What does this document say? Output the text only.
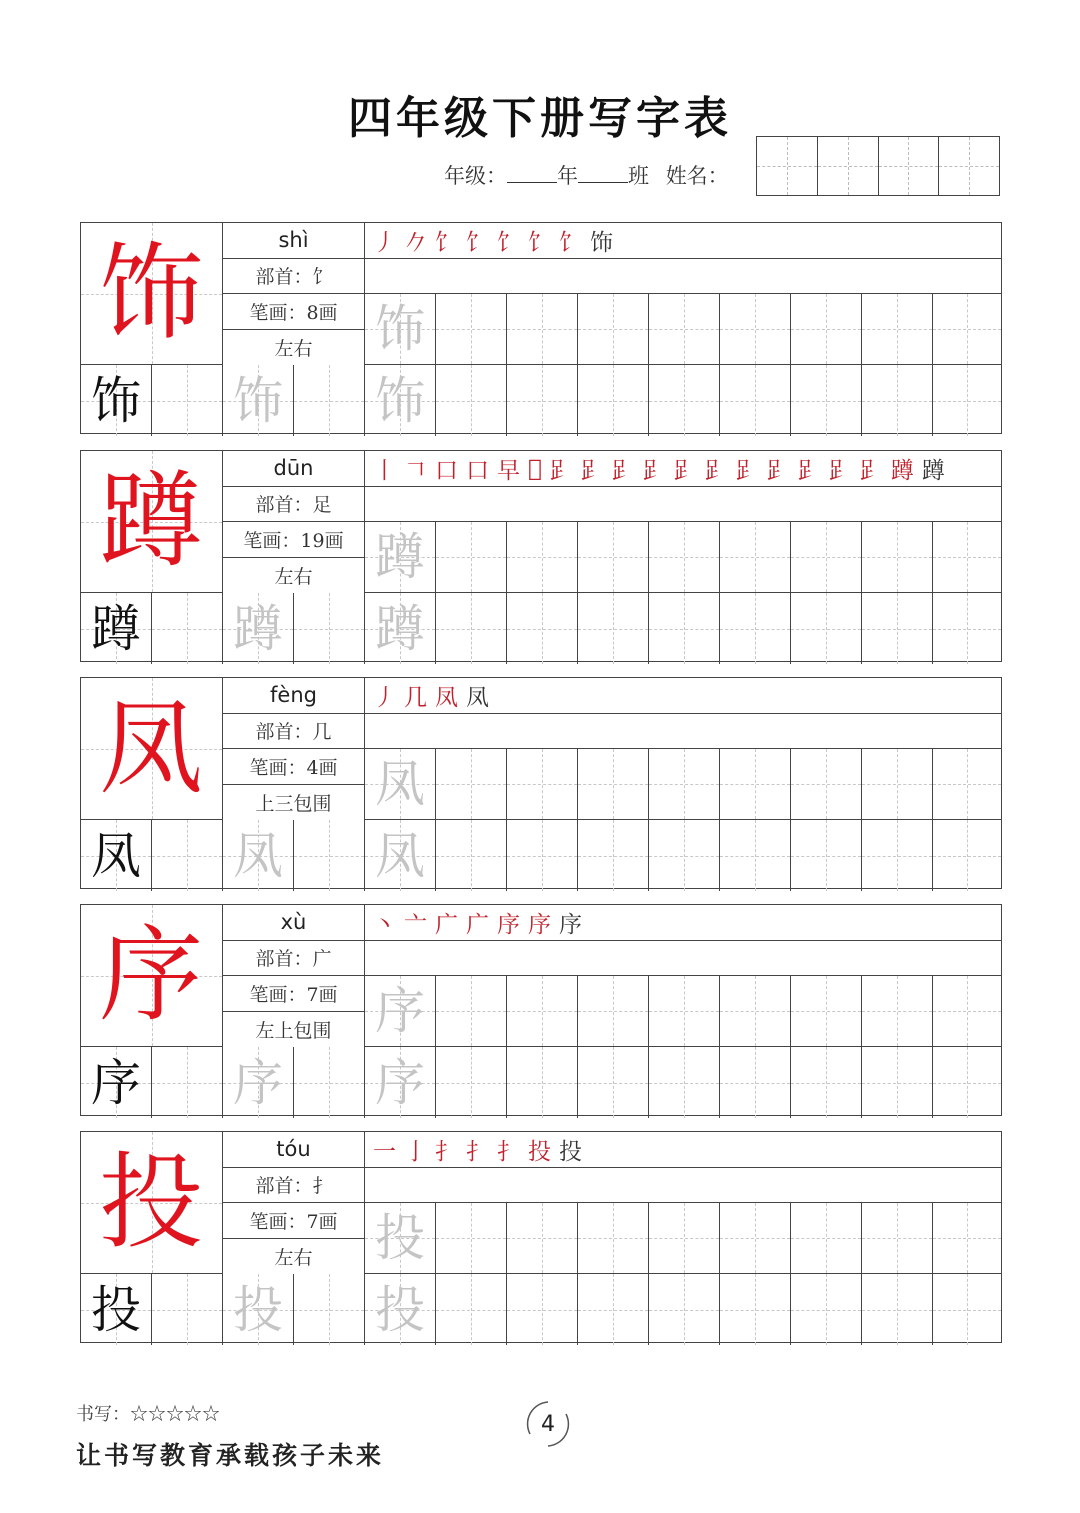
四年级下册写字表
年级： 年 班 姓名：
饰	shì
部首：饣
笔画：8画
左右
丿 𠂊 饣 饣 饣 饣 饣 饰
饰
饰 饰 饰
蹲	dūn
部首：足
笔画：19画
左右
丨 𠃍 口 口 早 𠯁 𧾷 𧾷 𧾷 𧾷 𧾷 𧾷 𧾷 𧾷 𧾷 𧾷 𧾷 蹲 蹲
蹲
蹲 蹲 蹲
凤	fèng
部首：几
笔画：4画
上三包围
丿 几 凤 凤
凤
凤 凤 凤
序	xù
部首：广
笔画：7画
左上包围
丶 亠 广 广 序 序 序
序
序 序 序
投	tóu
部首：扌
笔画：7画
左右
一 亅 扌 扌 扌 投 投
投
投 投 投
书写：☆☆☆☆☆
让书写教育承载孩子未来
4
